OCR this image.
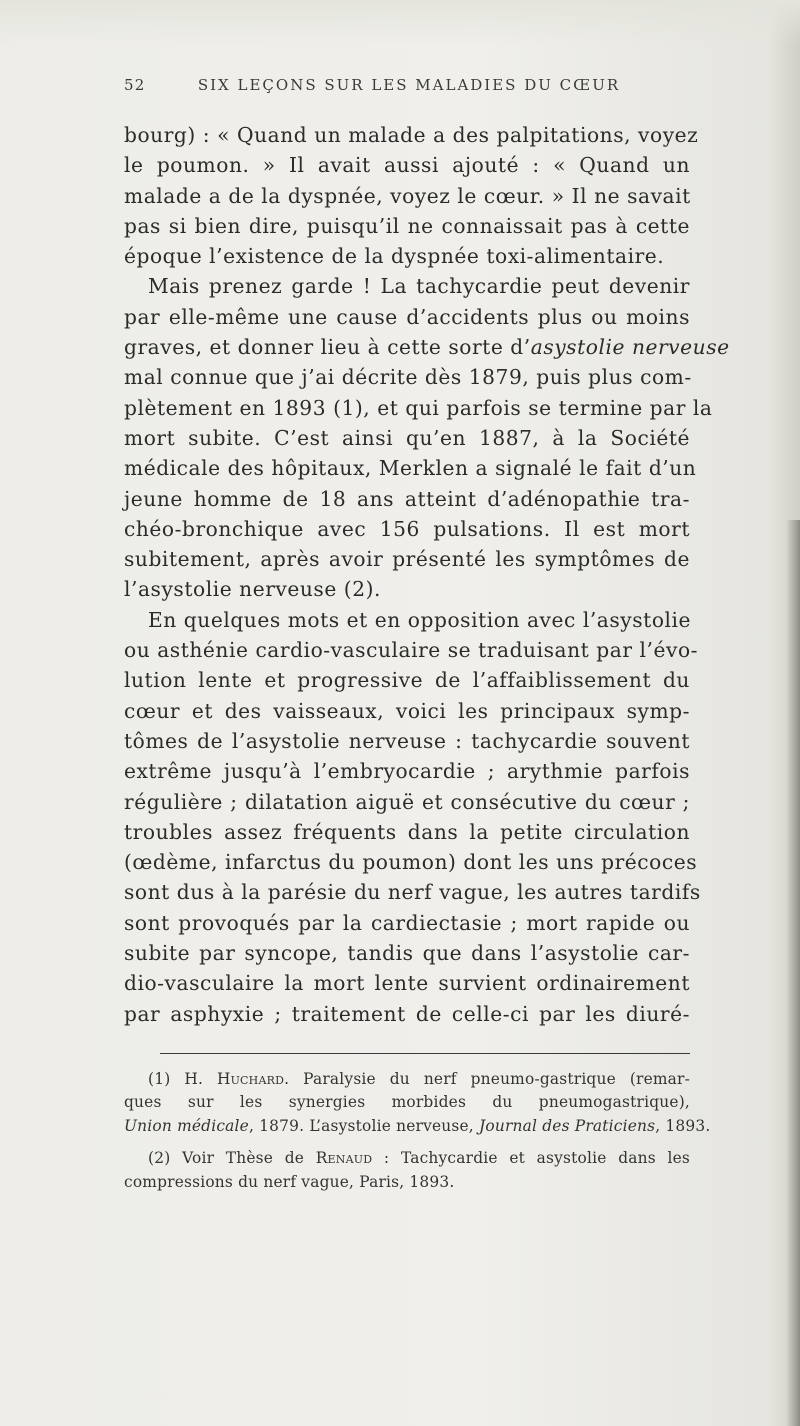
52	SIX LEÇONS SUR LES MALADIES DU CŒUR
bourg) : « Quand un malade a des palpitations, voyez
le poumon. » Il avait aussi ajouté : « Quand un
malade a de la dyspnée, voyez le cœur. » Il ne savait
pas si bien dire, puisqu’il ne connaissait pas à cette
époque l’existence de la dyspnée toxi-alimentaire.
Mais prenez garde ! La tachycardie peut devenir
par elle-même une cause d’accidents plus ou moins
graves, et donner lieu à cette sorte d’asystolie nerveuse
mal connue que j’ai décrite dès 1879, puis plus com-
plètement en 1893 (1), et qui parfois se termine par la
mort subite. C’est ainsi qu’en 1887, à la Société
médicale des hôpitaux, Merklen a signalé le fait d’un
jeune homme de 18 ans atteint d’adénopathie tra-
chéo-bronchique avec 156 pulsations. Il est mort
subitement, après avoir présenté les symptômes de
l’asystolie nerveuse (2).
En quelques mots et en opposition avec l’asystolie
ou asthénie cardio-vasculaire se traduisant par l’évo-
lution lente et progressive de l’affaiblissement du
cœur et des vaisseaux, voici les principaux symp-
tômes de l’asystolie nerveuse : tachycardie souvent
extrême jusqu’à l’embryocardie ; arythmie parfois
régulière ; dilatation aiguë et consécutive du cœur ;
troubles assez fréquents dans la petite circulation
(œdème, infarctus du poumon) dont les uns précoces
sont dus à la parésie du nerf vague, les autres tardifs
sont provoqués par la cardiectasie ; mort rapide ou
subite par syncope, tandis que dans l’asystolie car-
dio-vasculaire la mort lente survient ordinairement
par asphyxie ; traitement de celle-ci par les diuré-
(1) H. Huchard. Paralysie du nerf pneumo-gastrique (remar-
ques sur les synergies morbides du pneumogastrique),
Union médicale, 1879. L’asystolie nerveuse, Journal des Praticiens, 1893.
(2) Voir Thèse de Renaud : Tachycardie et asystolie dans les
compressions du nerf vague, Paris, 1893.
